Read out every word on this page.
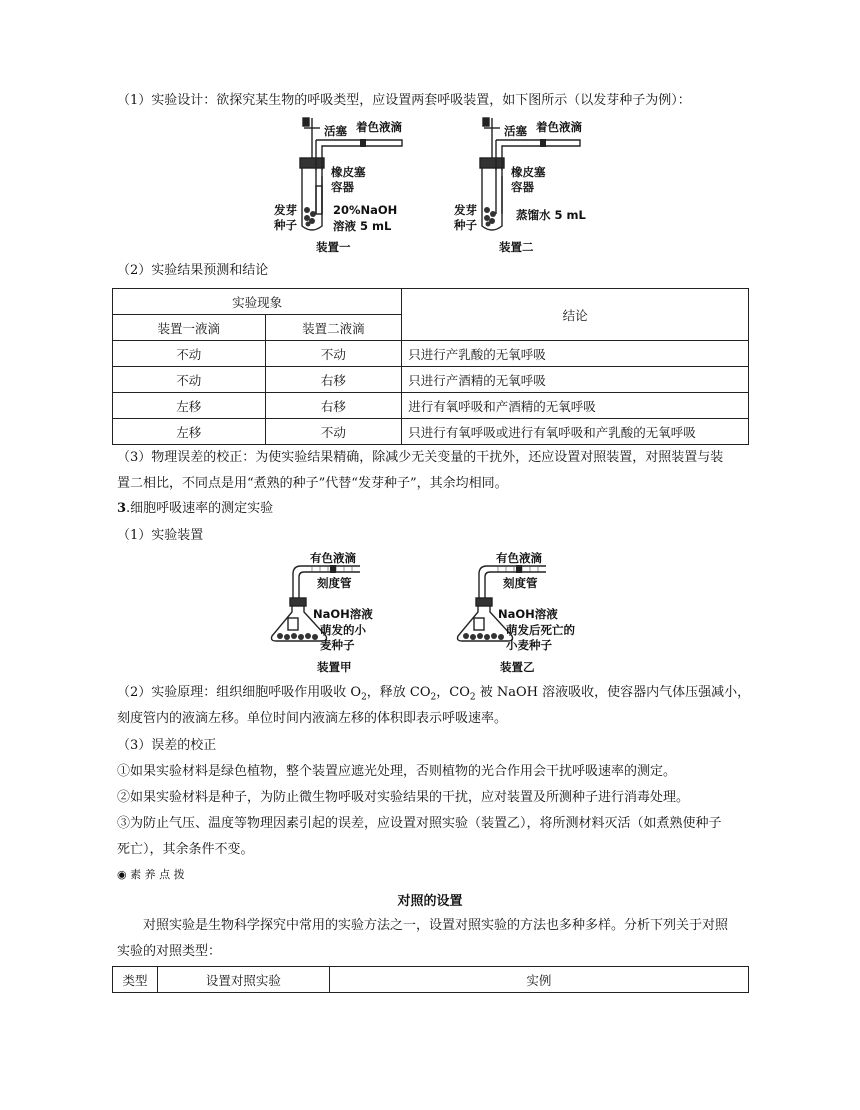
（1）实验设计：欲探究某生物的呼吸类型，应设置两套呼吸装置，如下图所示（以发芽种子为例）：
活塞 着色液滴
橡皮塞
容器
发芽
种子
20%NaOH
溶液 5 mL
装置一
活塞 着色液滴
橡皮塞
容器
发芽
种子
蒸馏水 5 mL
装置二
（2）实验结果预测和结论
实验现象		结论
装置一液滴	装置二液滴	
不动	不动	只进行产乳酸的无氧呼吸
不动	右移	只进行产酒精的无氧呼吸
左移	右移	进行有氧呼吸和产酒精的无氧呼吸
左移	不动	只进行有氧呼吸或进行有氧呼吸和产乳酸的无氧呼吸
（3）物理误差的校正：为使实验结果精确，除减少无关变量的干扰外，还应设置对照装置，对照装置与装
置二相比，不同点是用“煮熟的种子”代替“发芽种子”，其余均相同。
3.细胞呼吸速率的测定实验
（1）实验装置
有色液滴
刻度管
NaOH溶液
萌发的小
麦种子
装置甲
有色液滴
刻度管
NaOH溶液
萌发后死亡的
小麦种子
装置乙
（2）实验原理：组织细胞呼吸作用吸收 $O_2$，释放 $CO_2$，$CO_2$ 被 NaOH 溶液吸收，使容器内气体压强减小，
刻度管内的液滴左移。单位时间内液滴左移的体积即表示呼吸速率。
（3）误差的校正
①如果实验材料是绿色植物，整个装置应遮光处理，否则植物的光合作用会干扰呼吸速率的测定。
②如果实验材料是种子，为防止微生物呼吸对实验结果的干扰，应对装置及所测种子进行消毒处理。
③为防止气压、温度等物理因素引起的误差，应设置对照实验（装置乙），将所测材料灭活（如煮熟使种子
死亡），其余条件不变。
◉ 素 养 点 拨
对照的设置
对照实验是生物科学探究中常用的实验方法之一，设置对照实验的方法也多种多样。分析下列关于对照
实验的对照类型：
类型	设置对照实验	实例
